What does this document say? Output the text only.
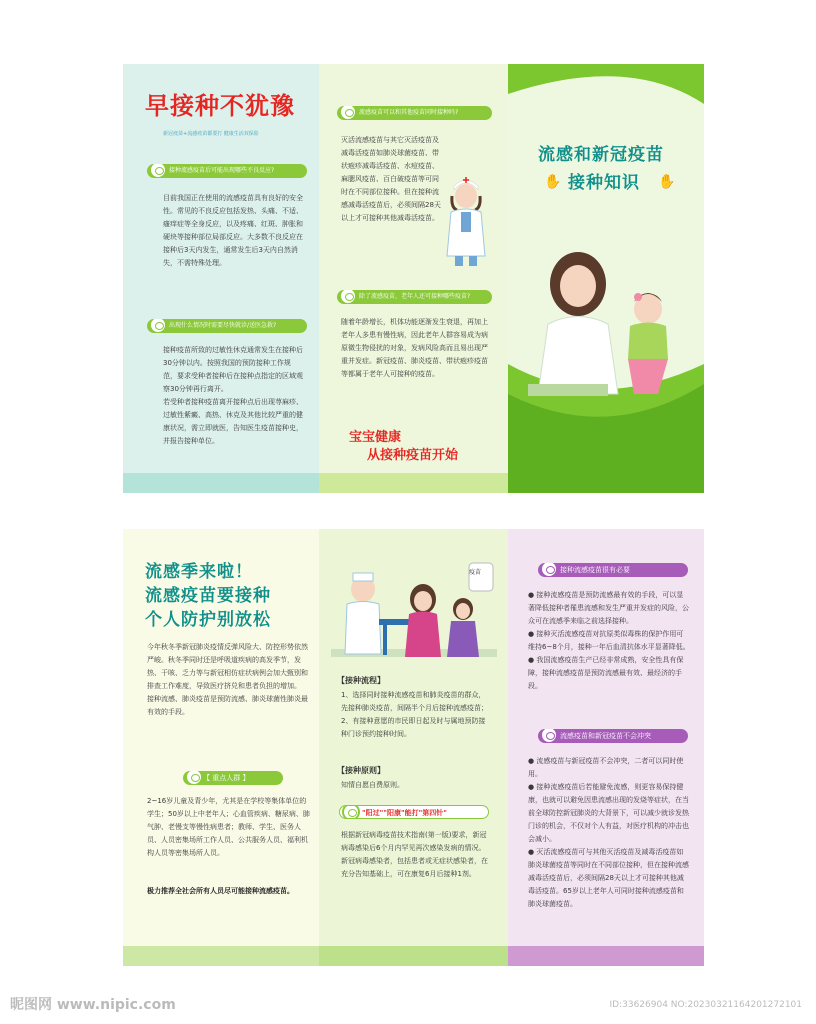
早接种不犹豫
新冠疫苗+流感疫苗都要打 健康生活双保险
接种流感疫苗后可能出现哪些不良反应?
目前我国正在使用的流感疫苗具有良好的安全性。常见的不良反应包括发热、头痛、不适、瘙痒症等全身反应，以及疼痛、红斑、肿胀和硬块等接种部位局部反应。大多数不良反应在接种后3天内发生，通常发生后3天内自然消失，不需特殊处理。
出现什么情况时需要尽快就诊/送医急救?
接种疫苗所致的过敏性休克通常发生在接种后30分钟以内。按照我国的预防接种工作规范，要求受种者接种后在接种点指定的区域观察30分钟再行离开。
若受种者接种疫苗离开接种点后出现荨麻疹、过敏性紫癜、高热、休克及其他比较严重的健康状况，需立即就医，告知医生疫苗接种史，并报告接种单位。
流感疫苗可以和其他疫苗同时接种吗?
灭活流感疫苗与其它灭活疫苗及减毒活疫苗如肺炎球菌疫苗、带状疱疹减毒活疫苗、水痘疫苗、麻腮风疫苗、百白破疫苗等可同时在不同部位接种。但在接种流感减毒活疫苗后，必须间隔28天以上才可接种其他减毒活疫苗。
除了流感疫苗，老年人还可接种哪些疫苗?
随着年龄增长，机体功能逐渐发生衰退，再加上老年人多患有慢性病，因此老年人群容易成为病原微生物侵扰的对象，发病风险高而且易出现严重并发症。新冠疫苗、肺炎疫苗、带状疱疹疫苗等都属于老年人可接种的疫苗。
宝宝健康
从接种疫苗开始
流感和新冠疫苗
接种知识
✋	✋
流感季来啦！
流感疫苗要接种
个人防护别放松
今年秋冬季新冠肺炎疫情反弹风险大、防控形势依然严峻。秋冬季同时还是呼吸道疾病的高发季节，发热、干咳、乏力等与新冠相仿症状病例会加大甄别和排查工作难度，导致医疗挤兑和患者负担的增加。
接种流感、肺炎疫苗是预防流感、肺炎球菌性肺炎最有效的手段。
【 重点人群 】
2~16岁儿童及青少年，尤其是在学校等集体单位的学生；50岁以上中老年人；心血管疾病、糖尿病、肺气肿、老慢支等慢性病患者；教师、学生、医务人员、人员密集场所工作人员、公共服务人员、福利机构人员等密集场所人员。
极力推荐全社会所有人员尽可能接种流感疫苗。
疫苗
【接种流程】
1、选择同时接种流感疫苗和肺炎疫苗的群众，先接种肺炎疫苗，间隔半个月后接种流感疫苗；
2、有接种意愿的市民即日起及时与属地预防接种门诊预约接种时间。
【接种原则】
知情自愿自费原则。
"阳过""阳康"能打"第四针"
根据新冠病毒疫苗技术指南(第一版)要求，新冠病毒感染后6个月内罕见再次感染发病的情况。新冠病毒感染者，包括患者或无症状感染者，在充分告知基础上，可在康复6月后接种1剂。
接种流感疫苗很有必要
● 接种流感疫苗是预防流感最有效的手段，可以显著降低接种者罹患流感和发生严重并发症的风险，公众可在流感季来临之前选择接种。
● 接种灭活流感疫苗对抗原类似毒株的保护作用可维持6~8个月，接种一年后血清抗体水平显著降低。
● 我国流感疫苗生产已经非常成熟，安全性具有保障，接种流感疫苗是预防流感最有效、最经济的手段。
流感疫苗和新冠疫苗不会冲突
● 流感疫苗与新冠疫苗不会冲突，二者可以同时使用。
● 接种流感疫苗后若能避免流感，则更容易保持健康，也就可以避免因患流感出现的发烧等症状，在当前全球防控新冠肺炎的大背景下，可以减少就诊发热门诊的机会，不仅对个人有益，对医疗机构的冲击也会减小。
● 灭活流感疫苗可与其他灭活疫苗及减毒活疫苗如肺炎球菌疫苗等同时在不同部位接种，但在接种流感减毒活疫苗后，必须间隔28天以上才可接种其他减毒活疫苗。65岁以上老年人可同时接种流感疫苗和肺炎球菌疫苗。
昵图网 www.nipic.com	ID:33626904 NO:20230321164201272101
